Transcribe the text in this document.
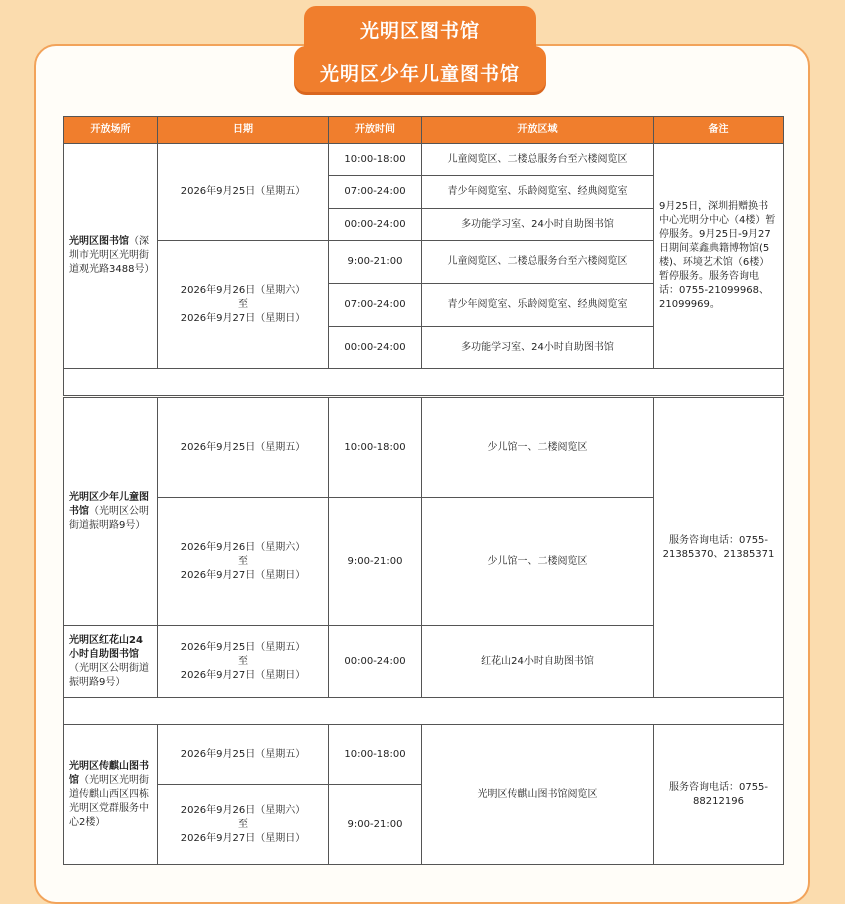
光明区图书馆
光明区少年儿童图书馆
开放场所	日期	开放时间	开放区域	备注
光明区图书馆（深圳市光明区光明街道观光路3488号）	2026年9月25日（星期五）	10:00-18:00	儿童阅览区、二楼总服务台至六楼阅览区	9月25日，深圳捐赠换书中心光明分中心（4楼）暂停服务。9月25日-9月27日期间菜鑫典籍博物馆(5楼)、环境艺术馆（6楼）暂停服务。服务咨询电话：0755-21099968、21099969。
		07:00-24:00	青少年阅览室、乐龄阅览室、经典阅览室	
		00:00-24:00	多功能学习室、24小时自助图书馆	

	2026年9月26日（星期六）
至
2026年9月27日（星期日）	9:00-21:00	儿童阅览区、二楼总服务台至六楼阅览区	
		07:00-24:00	青少年阅览室、乐龄阅览室、经典阅览室	
		00:00-24:00	多功能学习室、24小时自助图书馆	

光明区少年儿童图书馆（光明区公明街道振明路9号）	2026年9月25日（星期五）	10:00-18:00	少儿馆一、二楼阅览区	服务咨询电话：0755-21385370、21385371

	2026年9月26日（星期六）
至
2026年9月27日（星期日）	9:00-21:00	少儿馆一、二楼阅览区	
光明区红花山24小时自助图书馆（光明区公明街道振明路9号）	2026年9月25日（星期五）
至
2026年9月27日（星期日）	00:00-24:00	红花山24小时自助图书馆	

光明区传麒山图书馆（光明区光明街道传麒山西区四栋光明区党群服务中心2楼）	2026年9月25日（星期五）	10:00-18:00	光明区传麒山图书馆阅览区	服务咨询电话：0755-88212196

	2026年9月26日（星期六）
至
2026年9月27日（星期日）	9:00-21:00		
